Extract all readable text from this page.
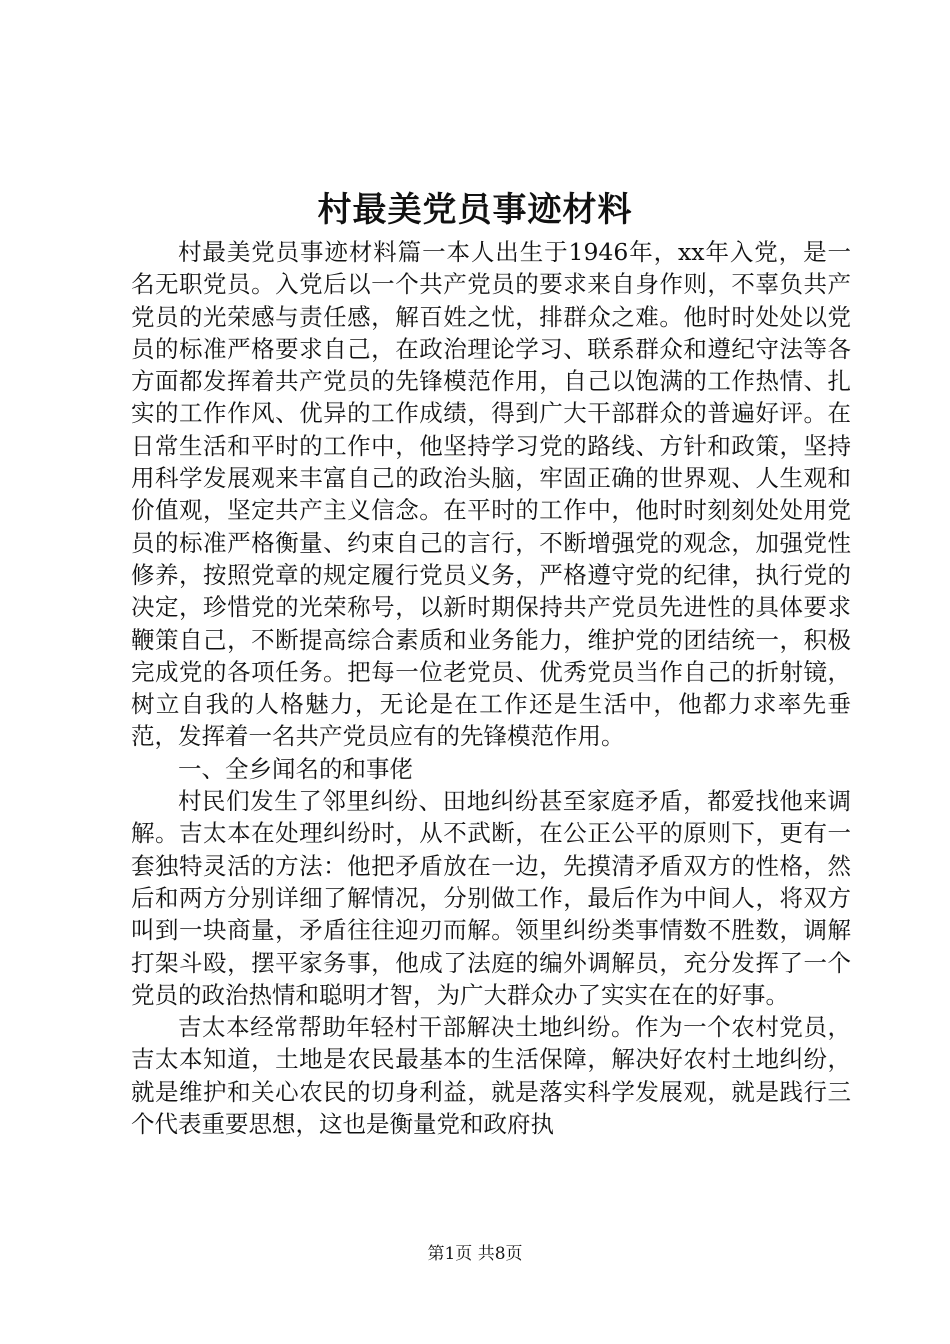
村最美党员事迹材料

村最美党员事迹材料篇一本人出生于1946年，xx年入党，是一名无职党员。入党后以一个共产党员的要求来自身作则，不辜负共产党员的光荣感与责任感，解百姓之忧，排群众之难。他时时处处以党员的标准严格要求自己，在政治理论学习、联系群众和遵纪守法等各方面都发挥着共产党员的先锋模范作用，自己以饱满的工作热情、扎实的工作作风、优异的工作成绩，得到广大干部群众的普遍好评。在日常生活和平时的工作中，他坚持学习党的路线、方针和政策，坚持用科学发展观来丰富自己的政治头脑，牢固正确的世界观、人生观和价值观，坚定共产主义信念。在平时的工作中，他时时刻刻处处用党员的标准严格衡量、约束自己的言行，不断增强党的观念，加强党性修养，按照党章的规定履行党员义务，严格遵守党的纪律，执行党的决定，珍惜党的光荣称号，以新时期保持共产党员先进性的具体要求鞭策自己，不断提高综合素质和业务能力，维护党的团结统一，积极完成党的各项任务。把每一位老党员、优秀党员当作自己的折射镜，树立自我的人格魅力，无论是在工作还是生活中，他都力求率先垂范，发挥着一名共产党员应有的先锋模范作用。

一、全乡闻名的和事佬

村民们发生了邻里纠纷、田地纠纷甚至家庭矛盾，都爱找他来调解。吉太本在处理纠纷时，从不武断，在公正公平的原则下，更有一套独特灵活的方法：他把矛盾放在一边，先摸清矛盾双方的性格，然后和两方分别详细了解情况，分别做工作，最后作为中间人，将双方叫到一块商量，矛盾往往迎刃而解。领里纠纷类事情数不胜数，调解打架斗殴，摆平家务事，他成了法庭的编外调解员，充分发挥了一个党员的政治热情和聪明才智，为广大群众办了实实在在的好事。

吉太本经常帮助年轻村干部解决土地纠纷。作为一个农村党员，吉太本知道，土地是农民最基本的生活保障，解决好农村土地纠纷，就是维护和关心农民的切身利益，就是落实科学发展观，就是践行三个代表重要思想，这也是衡量党和政府执

第1页 共8页
